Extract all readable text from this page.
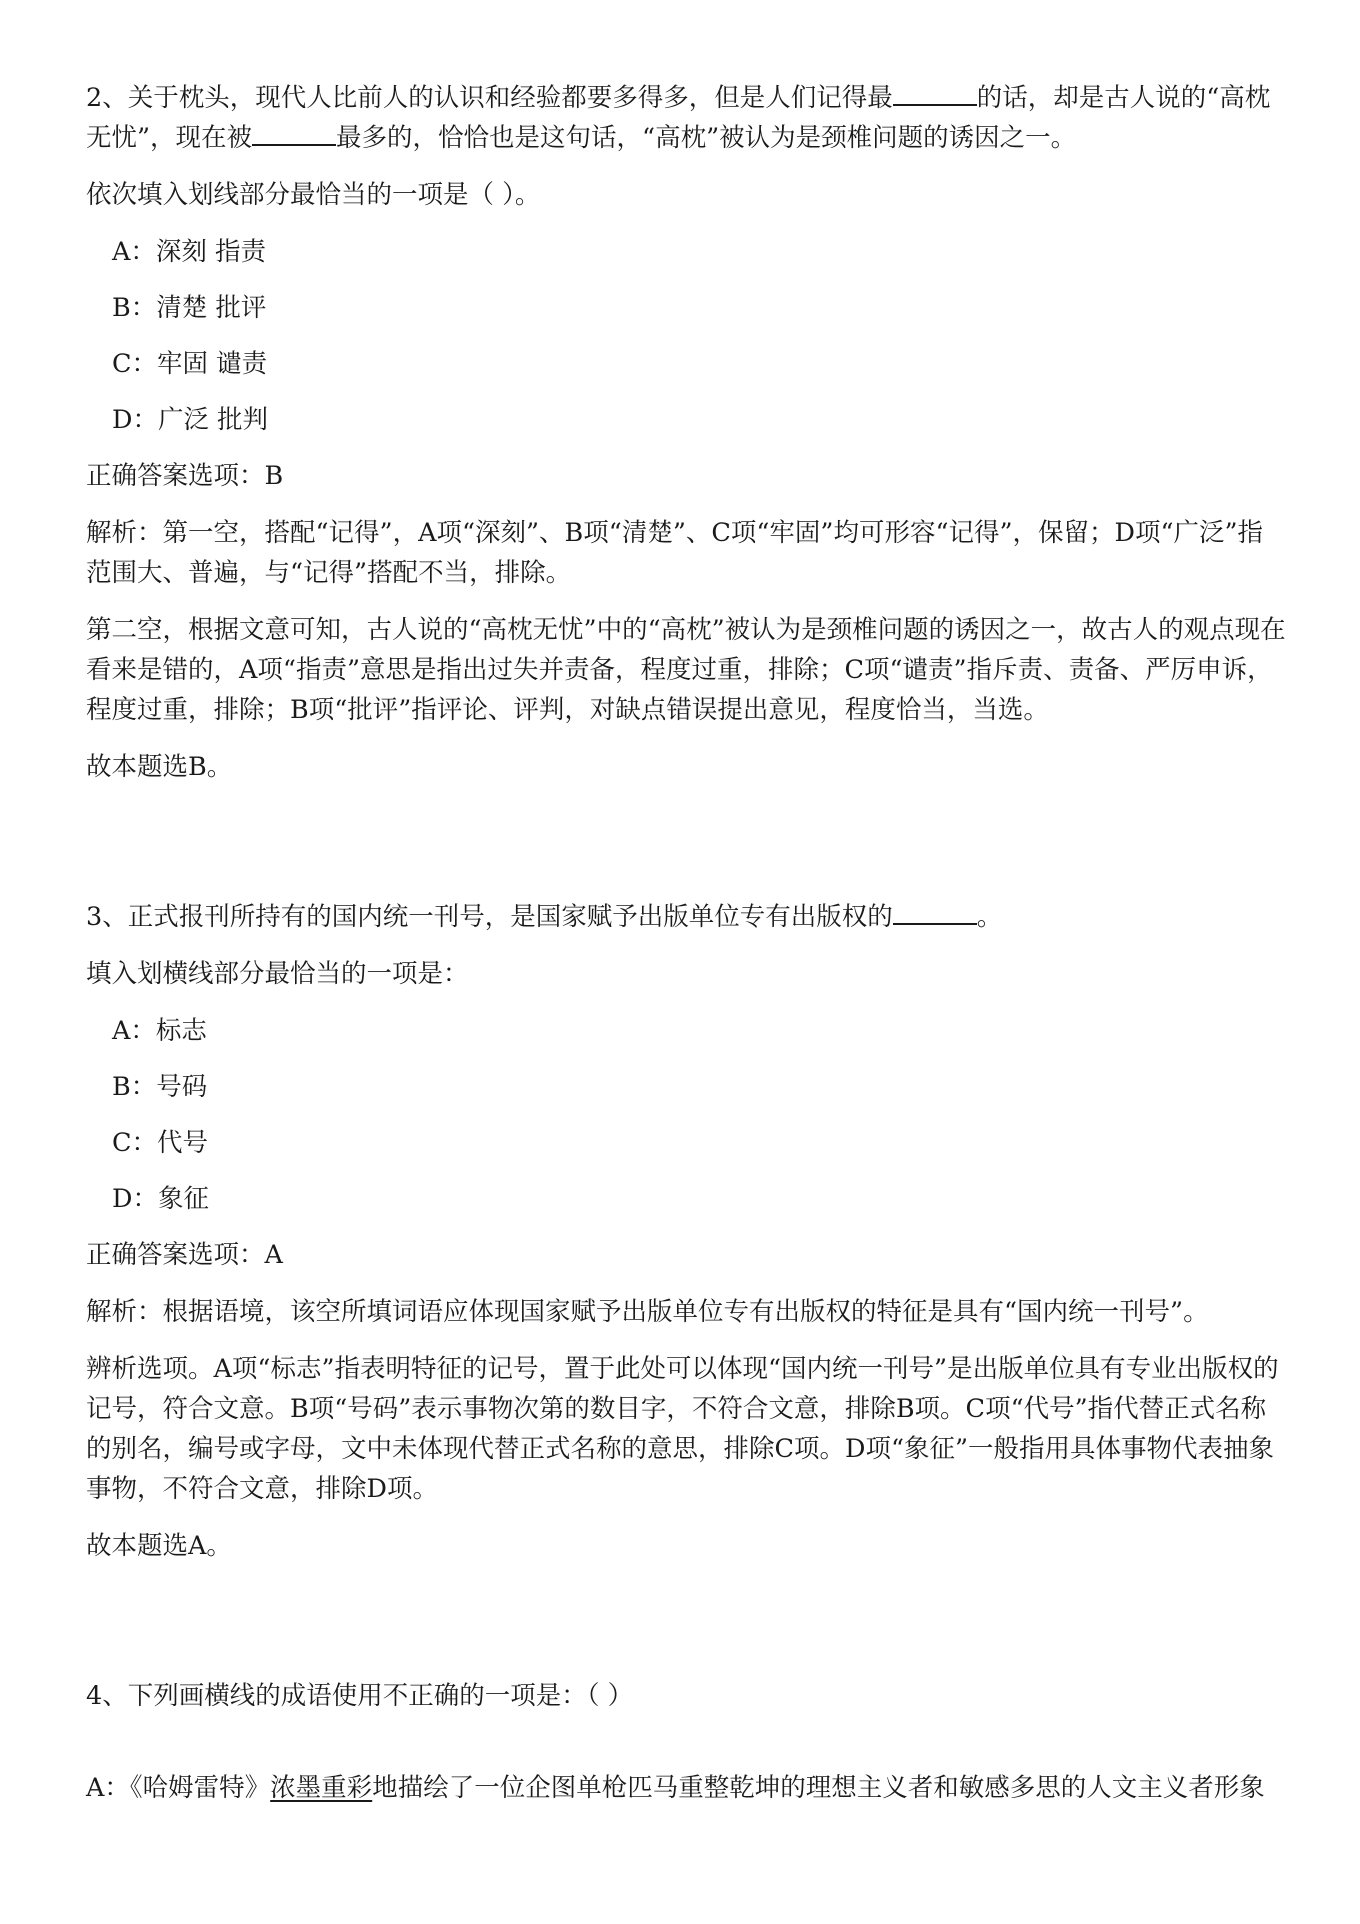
2、关于枕头，现代人比前人的认识和经验都要多得多，但是人们记得最	的话，却是古人说的“高枕无忧”，现在被	最多的，恰恰也是这句话，“高枕”被认为是颈椎问题的诱因之一。

依次填入划线部分最恰当的一项是（ ）。

A：深刻 指责

B：清楚 批评

C：牢固 谴责

D：广泛 批判

正确答案选项：B

解析：第一空，搭配“记得”，A项“深刻”、B项“清楚”、C项“牢固”均可形容“记得”，保留；D项“广泛”指范围大、普遍，与“记得”搭配不当，排除。

第二空，根据文意可知，古人说的“高枕无忧”中的“高枕”被认为是颈椎问题的诱因之一，故古人的观点现在看来是错的，A项“指责”意思是指出过失并责备，程度过重，排除；C项“谴责”指斥责、责备、严厉申诉，程度过重，排除；B项“批评”指评论、评判，对缺点错误提出意见，程度恰当，当选。

故本题选B。

3、正式报刊所持有的国内统一刊号，是国家赋予出版单位专有出版权的	。

填入划横线部分最恰当的一项是：

A：标志

B：号码

C：代号

D：象征

正确答案选项：A

解析：根据语境，该空所填词语应体现国家赋予出版单位专有出版权的特征是具有“国内统一刊号”。

辨析选项。A项“标志”指表明特征的记号，置于此处可以体现“国内统一刊号”是出版单位具有专业出版权的记号，符合文意。B项“号码”表示事物次第的数目字，不符合文意，排除B项。C项“代号”指代替正式名称的别名，编号或字母，文中未体现代替正式名称的意思，排除C项。D项“象征”一般指用具体事物代表抽象事物，不符合文意，排除D项。

故本题选A。

4、下列画横线的成语使用不正确的一项是：（ ）

A：《哈姆雷特》浓墨重彩地描绘了一位企图单枪匹马重整乾坤的理想主义者和敏感多思的人文主义者形象
